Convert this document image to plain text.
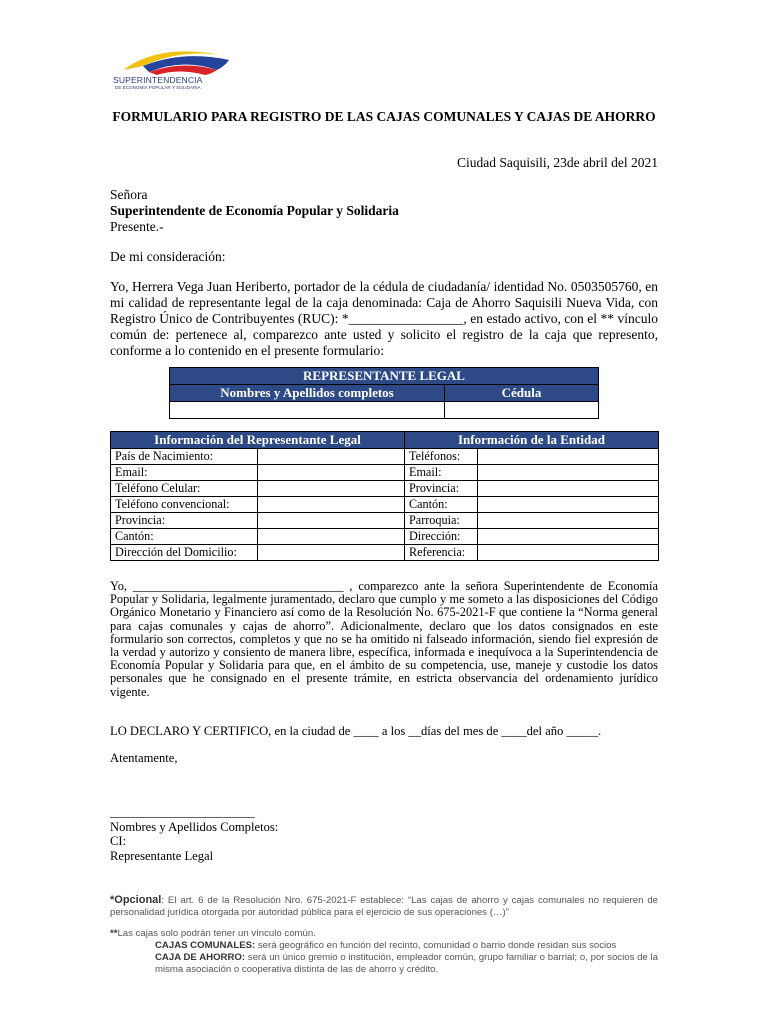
SUPERINTENDENCIA
DE ECONOMÍA POPULAR Y SOLIDARIA
FORMULARIO PARA REGISTRO DE LAS CAJAS COMUNALES Y CAJAS DE AHORRO
Ciudad Saquisili, 23de abril del 2021
Señora
Superintendente de Economía Popular y Solidaria
Presente.-
De mi consideración:
Yo, Herrera Vega Juan Heriberto, portador de la cédula de ciudadanía/ identidad No. 0503505760, en mi calidad de representante legal de la caja denominada: Caja de Ahorro Saquisili Nueva Vida, con Registro Único de Contribuyentes (RUC): *_________________, en estado activo, con el ** vínculo común de: pertenece al, comparezco ante usted y solicito el registro de la caja que represento, conforme a lo contenido en el presente formulario:
REPRESENTANTE LEGAL	
Nombres y Apellidos completos	Cédula

Información del Representante Legal		Información de la Entidad	
País de Nacimiento:		Teléfonos:	
Email:		Email:	
Teléfono Celular:		Provincia:	
Teléfono convencional:		Cantón:	
Provincia:		Parroquia:	
Cantón:		Dirección:	
Dirección del Domicilio:		Referencia:	
Yo, __________________________________ , comparezco ante la señora Superintendente de Economía Popular y Solidaria, legalmente juramentado, declaro que cumplo y me someto a las disposiciones del Código Orgánico Monetario y Financiero así como de la Resolución No. 675-2021-F que contiene la “Norma general para cajas comunales y cajas de ahorro”. Adicionalmente, declaro que los datos consignados en este formulario son correctos, completos y que no se ha omitido ni falseado información, siendo fiel expresión de la verdad y autorizo y consiento de manera libre, específica, informada e inequívoca a la Superintendencia de Economía Popular y Solidaria para que, en el ámbito de su competencia, use, maneje y custodie los datos personales que he consignado en el presente trámite, en estricta observancia del ordenamiento jurídico vigente.
LO DECLARO Y CERTIFICO, en la ciudad de ____ a los __días del mes de ____del año _____.
Atentamente,
_______________________
Nombres y Apellidos Completos:
CI:
Representante Legal
*Opcional: El art. 6 de la Resolución Nro. 675-2021-F establece: “Las cajas de ahorro y cajas comunales no requieren de personalidad jurídica otorgada por autoridad pública para el ejercicio de sus operaciones (…)”
**Las cajas solo podrán tener un vínculo común.
CAJAS COMUNALES: será geográfico en función del recinto, comunidad o barrio donde residan sus socios
CAJA DE AHORRO: será un único gremio o institución, empleador común, grupo familiar o barrial; o, por socios de la misma asociación o cooperativa distinta de las de ahorro y crédito.
